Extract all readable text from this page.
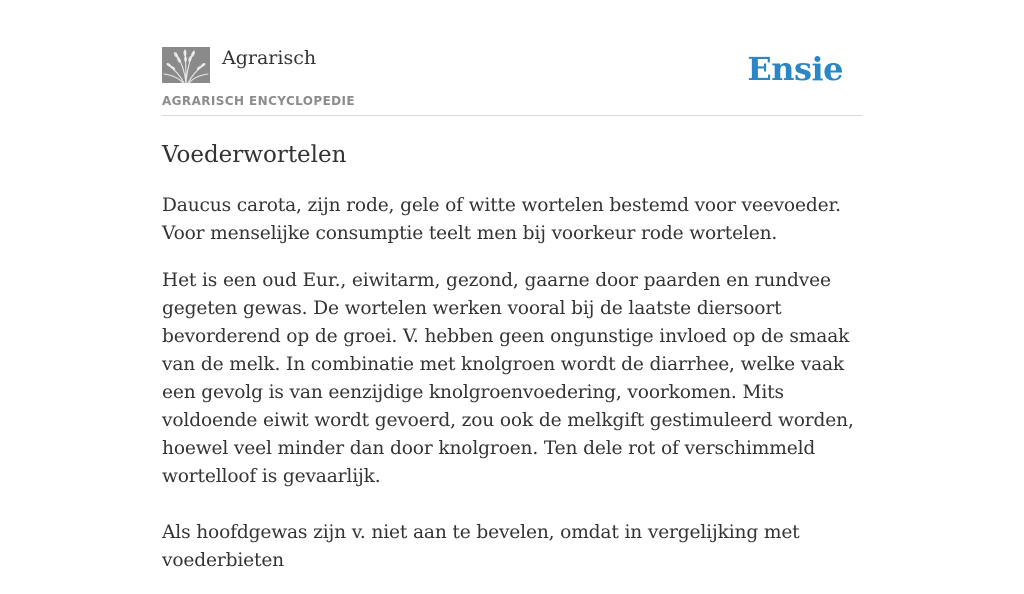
Agrarisch
AGRARISCH ENCYCLOPEDIE
Ensie
Voederwortelen

Daucus carota, zijn rode, gele of witte wortelen bestemd voor veevoeder. Voor menselijke consumptie teelt men bij voorkeur rode wortelen.

Het is een oud Eur., eiwitarm, gezond, gaarne door paarden en rundvee gegeten gewas. De wortelen werken vooral bij de laatste diersoort bevorderend op de groei. V. hebben geen ongunstige invloed op de smaak van de melk. In combinatie met knolgroen wordt de diarrhee, welke vaak een gevolg is van eenzijdige knolgroenvoedering, voorkomen. Mits voldoende eiwit wordt gevoerd, zou ook de melkgift gestimuleerd worden, hoewel veel minder dan door knolgroen. Ten dele rot of verschimmeld wortelloof is gevaarlijk.

Als hoofdgewas zijn v. niet aan te bevelen, omdat in vergelijking met voederbieten
